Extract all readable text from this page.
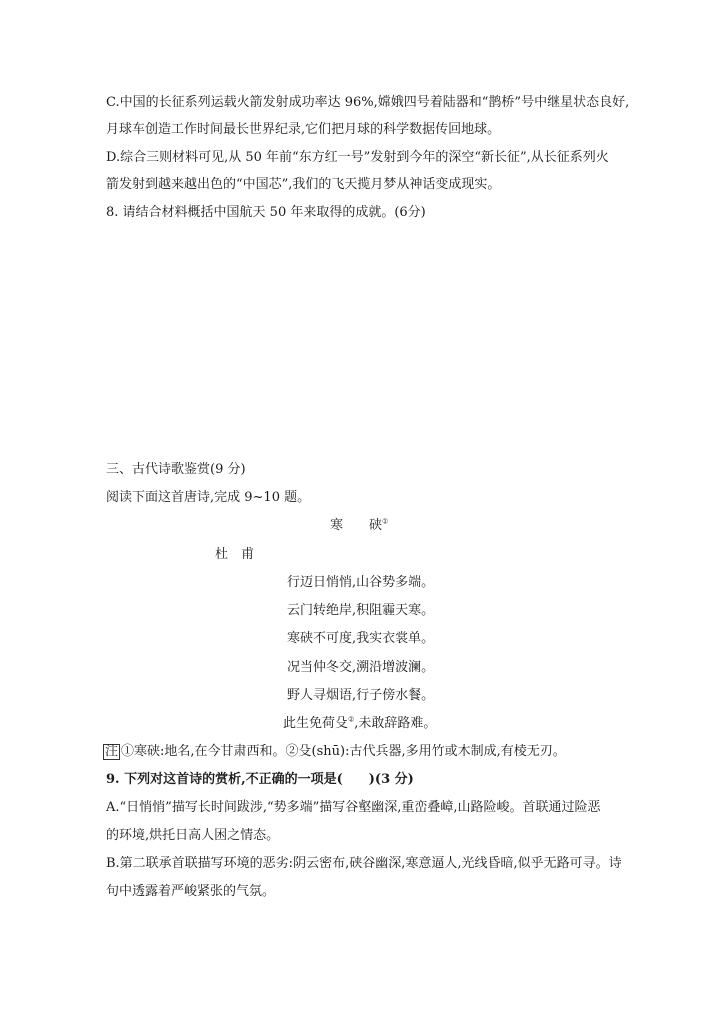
C.中国的长征系列运载火箭发射成功率达 96%,嫦娥四号着陆器和“鹊桥”号中继星状态良好,
月球车创造工作时间最长世界纪录,它们把月球的科学数据传回地球。
D.综合三则材料可见,从 50 年前“东方红一号”发射到今年的深空“新长征”,从长征系列火
箭发射到越来越出色的“中国芯”,我们的飞天揽月梦从神话变成现实。
8. 请结合材料概括中国航天 50 年来取得的成就。(6分)
三、古代诗歌鉴赏(9 分)
阅读下面这首唐诗,完成 9~10 题。
寒 硖①
杜　甫
行迈日悄悄,山谷势多端。
云门转绝岸,积阻霾天寒。
寒硖不可度,我实衣裳单。
况当仲冬交,溯沿增波澜。
野人寻烟语,行子傍水餐。
此生免荷殳②,未敢辞路难。
注 ①寒硖:地名,在今甘肃西和。②殳(shū):古代兵器,多用竹或木制成,有棱无刃。
9. 下列对这首诗的赏析,不正确的一项是(　　)(3 分)
A.“日悄悄”描写长时间跋涉,“势多端”描写谷壑幽深,重峦叠嶂,山路险峻。首联通过险恶
的环境,烘托日高人困之情态。
B.第二联承首联描写环境的恶劣:阴云密布,硖谷幽深,寒意逼人,光线昏暗,似乎无路可寻。诗
句中透露着严峻紧张的气氛。
